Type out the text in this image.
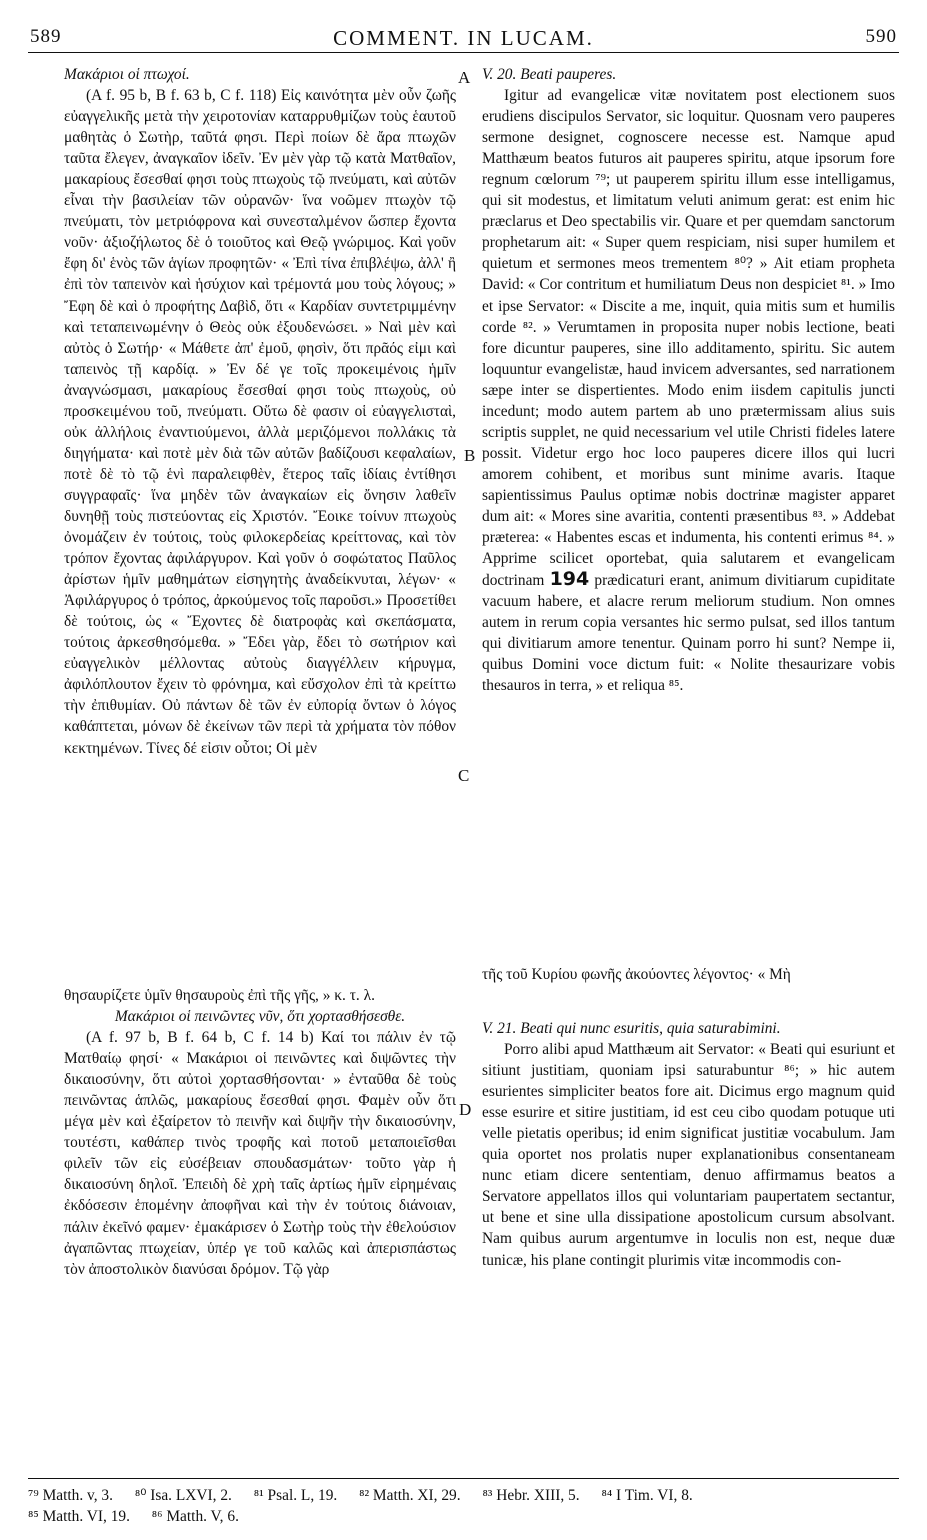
589	COMMENT. IN LUCAM.	590
A
B
C
D

Μακάριοι οἱ πτωχοί.

(A f. 95 b, B f. 63 b, C f. 118) Εἰς καινότητα μὲν οὖν ζωῆς εὐαγγελικῆς μετὰ τὴν χειροτονίαν καταρρυθμίζων τοὺς ἑαυτοῦ μαθητὰς ὁ Σωτὴρ, ταῦτά φησι. Περὶ ποίων δὲ ἄρα πτωχῶν ταῦτα ἔλεγεν, ἀναγκαῖον ἰδεῖν. Ἐν μὲν γὰρ τῷ κατὰ Ματθαῖον, μακαρίους ἔσεσθαί φησι τοὺς πτωχοὺς τῷ πνεύματι, καὶ αὐτῶν εἶναι τὴν βασιλείαν τῶν οὐρανῶν· ἵνα νοῶμεν πτωχὸν τῷ πνεύματι, τὸν μετριόφρονα καὶ συνεσταλμένον ὥσπερ ἔχοντα νοῦν· ἀξιοζήλωτος δὲ ὁ τοιοῦτος καὶ Θεῷ γνώριμος. Καὶ γοῦν ἔφη δι' ἑνὸς τῶν ἁγίων προφητῶν· « Ἐπὶ τίνα ἐπιβλέψω, ἀλλ' ἢ ἐπὶ τὸν ταπεινὸν καὶ ἡσύχιον καὶ τρέμοντά μου τοὺς λόγους; » Ἔφη δὲ καὶ ὁ προφήτης Δαβὶδ, ὅτι « Καρδίαν συντετριμμένην καὶ τεταπεινωμένην ὁ Θεὸς οὐκ ἐξουδενώσει. » Ναὶ μὲν καὶ αὐτὸς ὁ Σωτήρ· « Μάθετε ἀπ' ἐμοῦ, φησὶν, ὅτι πρᾶός εἰμι καὶ ταπεινὸς τῇ καρδίᾳ. » Ἐν δέ γε τοῖς προκειμένοις ἡμῖν ἀναγνώσμασι, μακαρίους ἔσεσθαί φησι τοὺς πτωχοὺς, οὐ προσκειμένου τοῦ, πνεύματι. Οὕτω δὲ φασιν οἱ εὐαγγελισταὶ, οὐκ ἀλλήλοις ἐναντιούμενοι, ἀλλὰ μεριζόμενοι πολλάκις τὰ διηγήματα· καὶ ποτὲ μὲν διὰ τῶν αὐτῶν βαδίζουσι κεφαλαίων, ποτὲ δὲ τὸ τῷ ἑνὶ παραλειφθὲν, ἕτερος ταῖς ἰδίαις ἐντίθησι συγγραφαῖς· ἵνα μηδὲν τῶν ἀναγκαίων εἰς ὄνησιν λαθεῖν δυνηθῇ τοὺς πιστεύοντας εἰς Χριστόν. Ἔοικε τοίνυν πτωχοὺς ὀνομάζειν ἐν τούτοις, τοὺς φιλοκερδείας κρείττονας, καὶ τὸν τρόπον ἔχοντας ἀφιλάργυρον. Καὶ γοῦν ὁ σοφώτατος Παῦλος ἀρίστων ἡμῖν μαθημάτων εἰσηγητὴς ἀναδείκνυται, λέγων· « Ἀφιλάργυρος ὁ τρόπος, ἀρκούμενος τοῖς παροῦσι.» Προσετίθει δὲ τούτοις, ὡς « Ἔχοντες δὲ διατροφὰς καὶ σκεπάσματα, τούτοις ἀρκεσθησόμεθα. » Ἔδει γὰρ, ἔδει τὸ σωτήριον καὶ εὐαγγελικὸν μέλλοντας αὐτοὺς διαγγέλλειν κήρυγμα, ἀφιλόπλουτον ἔχειν τὸ φρόνημα, καὶ εὔσχολον ἐπὶ τὰ κρείττω τὴν ἐπιθυμίαν. Οὐ πάντων δὲ τῶν ἐν εὐπορίᾳ ὄντων ὁ λόγος καθάπτεται, μόνων δὲ ἐκείνων τῶν περὶ τὰ χρήματα τὸν πόθον κεκτημένων. Τίνες δέ εἰσιν οὗτοι; Οἱ μὲν

V. 20. Beati pauperes.

Igitur ad evangelicæ vitæ novitatem post electionem suos erudiens discipulos Servator, sic loquitur. Quosnam vero pauperes sermone designet, cognoscere necesse est. Namque apud Matthæum beatos futuros ait pauperes spiritu, atque ipsorum fore regnum cœlorum ⁷⁹; ut pauperem spiritu illum esse intelligamus, qui sit modestus, et limitatum veluti animum gerat: est enim hic præclarus et Deo spectabilis vir. Quare et per quemdam sanctorum prophetarum ait: « Super quem respiciam, nisi super humilem et quietum et sermones meos trementem ⁸⁰? » Ait etiam propheta David: « Cor contritum et humiliatum Deus non despiciet ⁸¹. » Imo et ipse Servator: « Discite a me, inquit, quia mitis sum et humilis corde ⁸². » Verumtamen in proposita nuper nobis lectione, beati fore dicuntur pauperes, sine illo additamento, spiritu. Sic autem loquuntur evangelistæ, haud invicem adversantes, sed narrationem sæpe inter se dispertientes. Modo enim iisdem capitulis juncti incedunt; modo autem partem ab uno prætermissam alius suis scriptis supplet, ne quid necessarium vel utile Christi fideles latere possit. Videtur ergo hoc loco pauperes dicere illos qui lucri amorem cohibent, et moribus sunt minime avaris. Itaque sapientissimus Paulus optimæ nobis doctrinæ magister apparet dum ait: « Mores sine avaritia, contenti præsentibus ⁸³. » Addebat præterea: « Habentes escas et indumenta, his contenti erimus ⁸⁴. » Apprime scilicet oportebat, quia salutarem et evangelicam doctrinam 194 prædicaturi erant, animum divitiarum cupiditate vacuum habere, et alacre rerum meliorum studium. Non omnes autem in rerum copia versantes hic sermo pulsat, sed illos tantum qui divitiarum amore tenentur. Quinam porro hi sunt? Nempe ii, quibus Domini voce dictum fuit: « Nolite thesaurizare vobis thesauros in terra, » et reliqua ⁸⁵.

τῆς τοῦ Κυρίου φωνῆς ἀκούοντες λέγοντος· « Μὴ

θησαυρίζετε ὑμῖν θησαυροὺς ἐπὶ τῆς γῆς, » κ. τ. λ.

Μακάριοι οἱ πεινῶντες νῦν, ὅτι χορτασθήσεσθε.

(A f. 97 b, B f. 64 b, C f. 14 b) Καί τοι πάλιν ἐν τῷ Ματθαίῳ φησί· « Μακάριοι οἱ πεινῶντες καὶ διψῶντες τὴν δικαιοσύνην, ὅτι αὐτοὶ χορτασθήσονται· » ἐνταῦθα δὲ τοὺς πεινῶντας ἁπλῶς, μακαρίους ἔσεσθαί φησι. Φαμὲν οὖν ὅτι μέγα μὲν καὶ ἐξαίρετον τὸ πεινῆν καὶ διψῆν τὴν δικαιοσύνην, τουτέστι, καθάπερ τινὸς τροφῆς καὶ ποτοῦ μεταποιεῖσθαι φιλεῖν τῶν εἰς εὐσέβειαν σπουδασμάτων· τοῦτο γὰρ ἡ δικαιοσύνη δηλοῖ. Ἐπειδὴ δὲ χρὴ ταῖς ἀρτίως ἡμῖν εἰρημέναις ἐκδόσεσιν ἑπομένην ἀποφῆναι καὶ τὴν ἐν τούτοις διάνοιαν, πάλιν ἐκεῖνό φαμεν· ἐμακάρισεν ὁ Σωτὴρ τοὺς τὴν ἐθελούσιον ἀγαπῶντας πτωχείαν, ὑπέρ γε τοῦ καλῶς καὶ ἀπερισπάστως τὸν ἀποστολικὸν διανύσαι δρόμον. Τῷ γὰρ

V. 21. Beati qui nunc esuritis, quia saturabimini.

Porro alibi apud Matthæum ait Servator: « Beati qui esuriunt et sitiunt justitiam, quoniam ipsi saturabuntur ⁸⁶; » hic autem esurientes simpliciter beatos fore ait. Dicimus ergo magnum quid esse esurire et sitire justitiam, id est ceu cibo quodam potuque uti velle pietatis operibus; id enim significat justitiæ vocabulum. Jam quia oportet nos prolatis nuper explanationibus consentaneam nunc etiam dicere sententiam, denuo affirmamus beatos a Servatore appellatos illos qui voluntariam paupertatem sectantur, ut bene et sine ulla dissipatione apostolicum cursum absolvant. Nam quibus aurum argentumve in loculis non est, neque duæ tunicæ, his plane contingit plurimis vitæ incommodis con-

⁷⁹ Matth. v, 3. ⁸⁰ Isa. LXVI, 2. ⁸¹ Psal. L, 19. ⁸² Matth. XI, 29. ⁸³ Hebr. XIII, 5. ⁸⁴ I Tim. VI, 8.
⁸⁵ Matth. VI, 19. ⁸⁶ Matth. V, 6.
